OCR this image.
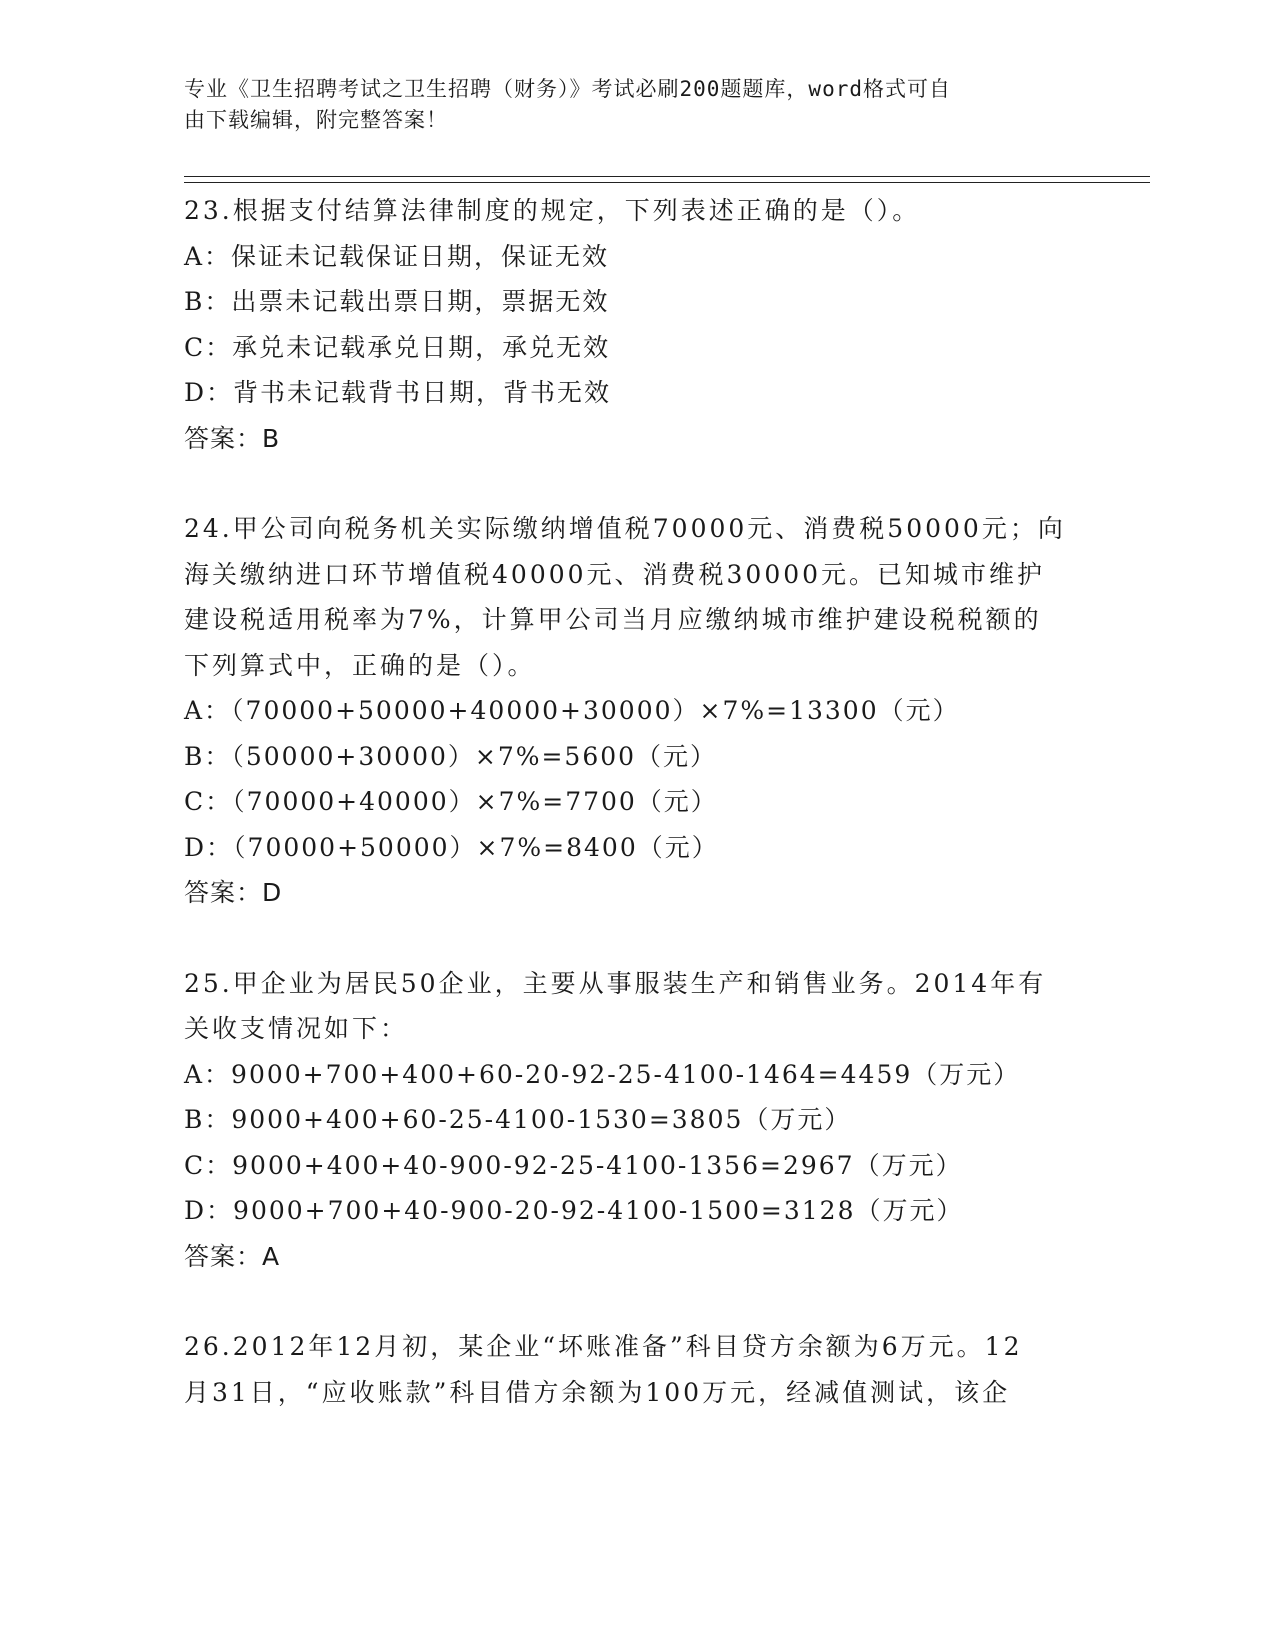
专业《卫生招聘考试之卫生招聘（财务）》考试必刷200题题库，word格式可自
由下载编辑，附完整答案！
23.根据支付结算法律制度的规定，下列表述正确的是（）。
A：保证未记载保证日期，保证无效
B：出票未记载出票日期，票据无效
C：承兑未记载承兑日期，承兑无效
D：背书未记载背书日期，背书无效
答案：B
24.甲公司向税务机关实际缴纳增值税70000元、消费税50000元；向
海关缴纳进口环节增值税40000元、消费税30000元。已知城市维护
建设税适用税率为7%，计算甲公司当月应缴纳城市维护建设税税额的
下列算式中，正确的是（）。
A：（70000+50000+40000+30000）×7%=13300（元）
B：（50000+30000）×7%=5600（元）
C：（70000+40000）×7%=7700（元）
D：（70000+50000）×7%=8400（元）
答案：D
25.甲企业为居民50企业，主要从事服装生产和销售业务。2014年有
关收支情况如下：
A：9000+700+400+60-20-92-25-4100-1464=4459（万元）
B：9000+400+60-25-4100-1530=3805（万元）
C：9000+400+40-900-92-25-4100-1356=2967（万元）
D：9000+700+40-900-20-92-4100-1500=3128（万元）
答案：A
26.2012年12月初，某企业“坏账准备”科目贷方余额为6万元。12
月31日，“应收账款”科目借方余额为100万元，经减值测试，该企
